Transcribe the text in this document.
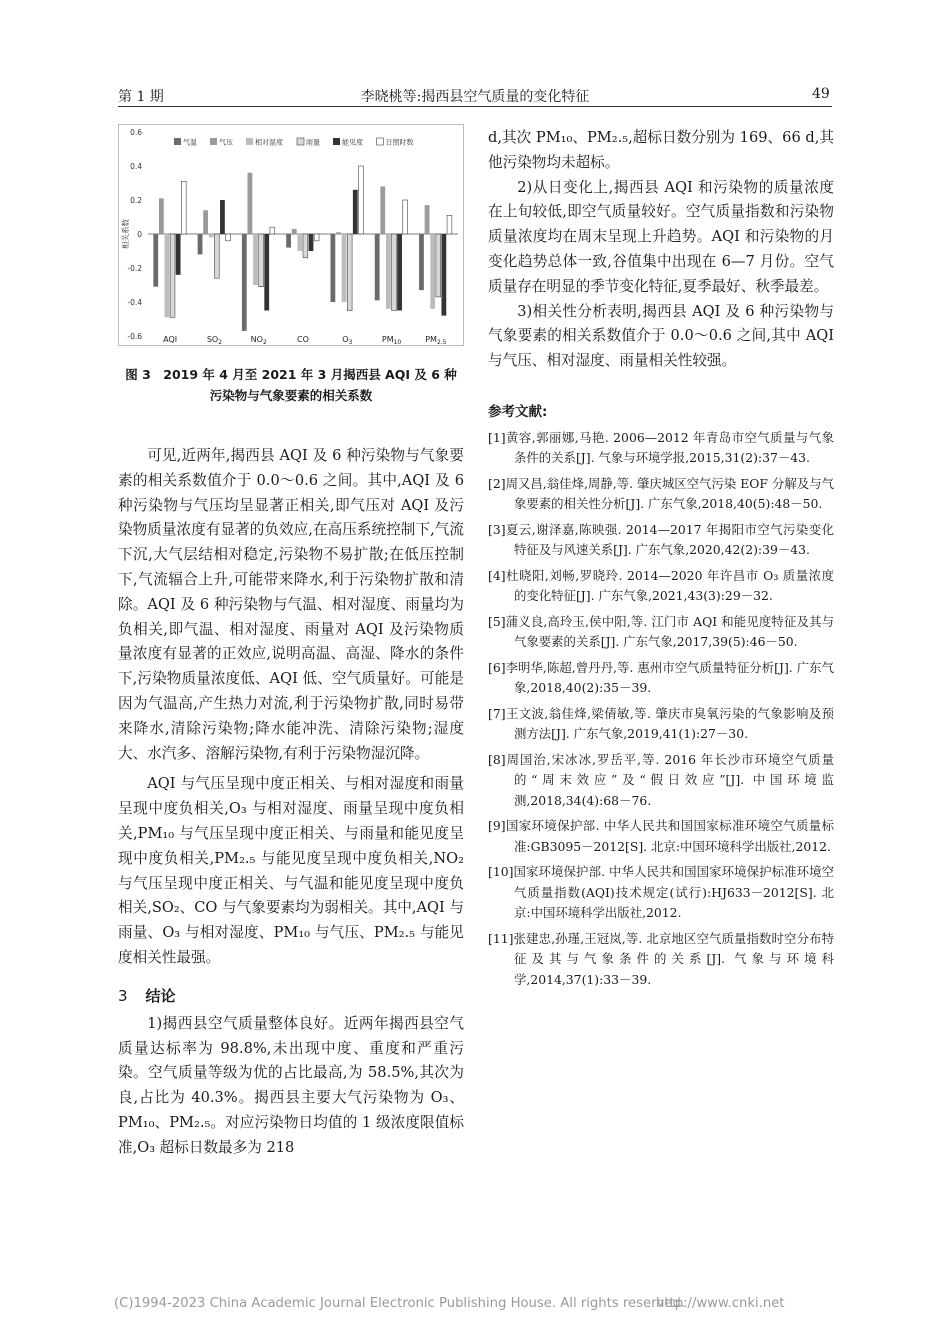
第 1 期	李晓桃等:揭西县空气质量的变化特征	49
0.6
0.4
0.2
0
-0.2
-0.4
-0.6
相关系数
AQI	$SO_2$	$NO_2$	CO	$O_3$	$PM_{10}$	$PM_{2.5}$
气温	气压	相对湿度	雨量	能见度	日照时数
图 3　2019 年 4 月至 2021 年 3 月揭西县 AQI 及 6 种
污染物与气象要素的相关系数

可见,近两年,揭西县 AQI 及 6 种污染物与气象要素的相关系数值介于 0.0～0.6 之间。其中,AQI 及 6 种污染物与气压均呈显著正相关,即气压对 AQI 及污染物质量浓度有显著的负效应,在高压系统控制下,气流下沉,大气层结相对稳定,污染物不易扩散;在低压控制下,气流辐合上升,可能带来降水,利于污染物扩散和清除。AQI 及 6 种污染物与气温、相对湿度、雨量均为负相关,即气温、相对湿度、雨量对 AQI 及污染物质量浓度有显著的正效应,说明高温、高湿、降水的条件下,污染物质量浓度低、AQI 低、空气质量好。可能是因为气温高,产生热力对流,利于污染物扩散,同时易带来降水,清除污染物;降水能冲洗、清除污染物;湿度大、水汽多、溶解污染物,有利于污染物湿沉降。

AQI 与气压呈现中度正相关、与相对湿度和雨量呈现中度负相关,O₃ 与相对湿度、雨量呈现中度负相关,PM₁₀ 与气压呈现中度正相关、与雨量和能见度呈现中度负相关,PM₂.₅ 与能见度呈现中度负相关,NO₂ 与气压呈现中度正相关、与气温和能见度呈现中度负相关,SO₂、CO 与气象要素均为弱相关。其中,AQI 与雨量、O₃ 与相对湿度、PM₁₀ 与气压、PM₂.₅ 与能见度相关性最强。

3 结论

1)揭西县空气质量整体良好。近两年揭西县空气质量达标率为 98.8%,未出现中度、重度和严重污染。空气质量等级为优的占比最高,为 58.5%,其次为良,占比为 40.3%。揭西县主要大气污染物为 O₃、PM₁₀、PM₂.₅。对应污染物日均值的 1 级浓度限值标准,O₃ 超标日数最多为 218

d,其次 PM₁₀、PM₂.₅,超标日数分别为 169、66 d,其他污染物均未超标。

2)从日变化上,揭西县 AQI 和污染物的质量浓度在上旬较低,即空气质量较好。空气质量指数和污染物质量浓度均在周末呈现上升趋势。AQI 和污染物的月变化趋势总体一致,谷值集中出现在 6—7 月份。空气质量存在明显的季节变化特征,夏季最好、秋季最差。

3)相关性分析表明,揭西县 AQI 及 6 种污染物与气象要素的相关系数值介于 0.0～0.6 之间,其中 AQI 与气压、相对湿度、雨量相关性较强。

参考文献:
[1]黄容,郭丽娜,马艳. 2006—2012 年青岛市空气质量与气象条件的关系[J]. 气象与环境学报,2015,31(2):37－43.
[2]周又昌,翁佳烽,周静,等. 肇庆城区空气污染 EOF 分解及与气象要素的相关性分析[J]. 广东气象,2018,40(5):48－50.
[3]夏云,谢泽嘉,陈映强. 2014—2017 年揭阳市空气污染变化特征及与风速关系[J]. 广东气象,2020,42(2):39－43.
[4]杜晓阳,刘畅,罗晓玲. 2014—2020 年许昌市 O₃ 质量浓度的变化特征[J]. 广东气象,2021,43(3):29－32.
[5]蒲义良,高玲玉,侯中阳,等. 江门市 AQI 和能见度特征及其与气象要素的关系[J]. 广东气象,2017,39(5):46－50.
[6]李明华,陈超,曾丹丹,等. 惠州市空气质量特征分析[J]. 广东气象,2018,40(2):35－39.
[7]王文波,翁佳烽,梁倩敏,等. 肇庆市臭氧污染的气象影响及预测方法[J]. 广东气象,2019,41(1):27－30.
[8]周国治,宋冰冰,罗岳平,等. 2016 年长沙市环境空气质量的“周末效应”及“假日效应”[J]. 中国环境监测,2018,34(4):68－76.
[9]国家环境保护部. 中华人民共和国国家标准环境空气质量标准:GB3095－2012[S]. 北京:中国环境科学出版社,2012.
[10]国家环境保护部. 中华人民共和国国家环境保护标准环境空气质量指数(AQI)技术规定(试行):HJ633－2012[S]. 北京:中国环境科学出版社,2012.
[11]张建忠,孙瑾,王冠岚,等. 北京地区空气质量指数时空分布特征及其与气象条件的关系[J]. 气象与环境科学,2014,37(1):33－39.
(C)1994-2023 China Academic Journal Electronic Publishing House. All rights reserved.
http://www.cnki.net
